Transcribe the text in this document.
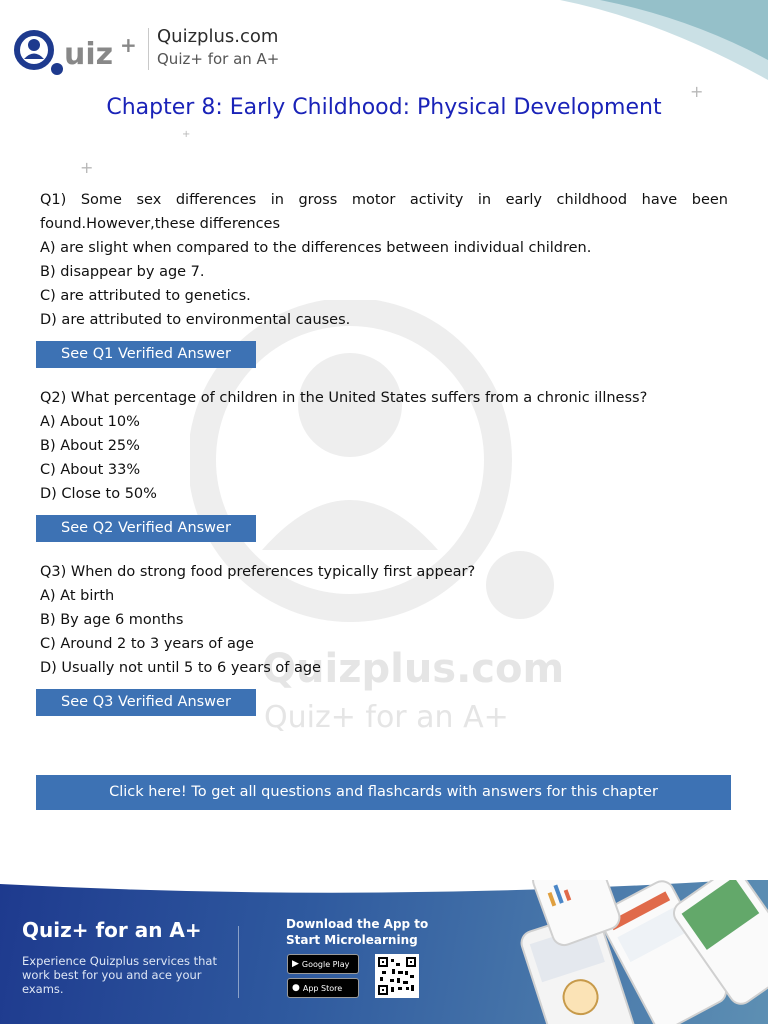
Quizplus.com
Quiz+ for an A+
+
+
+
uiz + Quizplus.com
Quiz+ for an A+
Chapter 8: Early Childhood: Physical Development
Q1) Some sex differences in gross motor activity in early childhood have been found.However,these differences
A) are slight when compared to the differences between individual children.
B) disappear by age 7.
C) are attributed to genetics.
D) are attributed to environmental causes.
See Q1 Verified Answer
Q2) What percentage of children in the United States suffers from a chronic illness?
A) About 10%
B) About 25%
C) About 33%
D) Close to 50%
See Q2 Verified Answer
Q3) When do strong food preferences typically first appear?
A) At birth
B) By age 6 months
C) Around 2 to 3 years of age
D) Usually not until 5 to 6 years of age
See Q3 Verified Answer
Click here! To get all questions and flashcards with answers for this chapter
Quiz+ for an A+
Experience Quizplus services that work best for you and ace your exams.
Download the App to Start Microlearning
▶ Google Play
● App Store
